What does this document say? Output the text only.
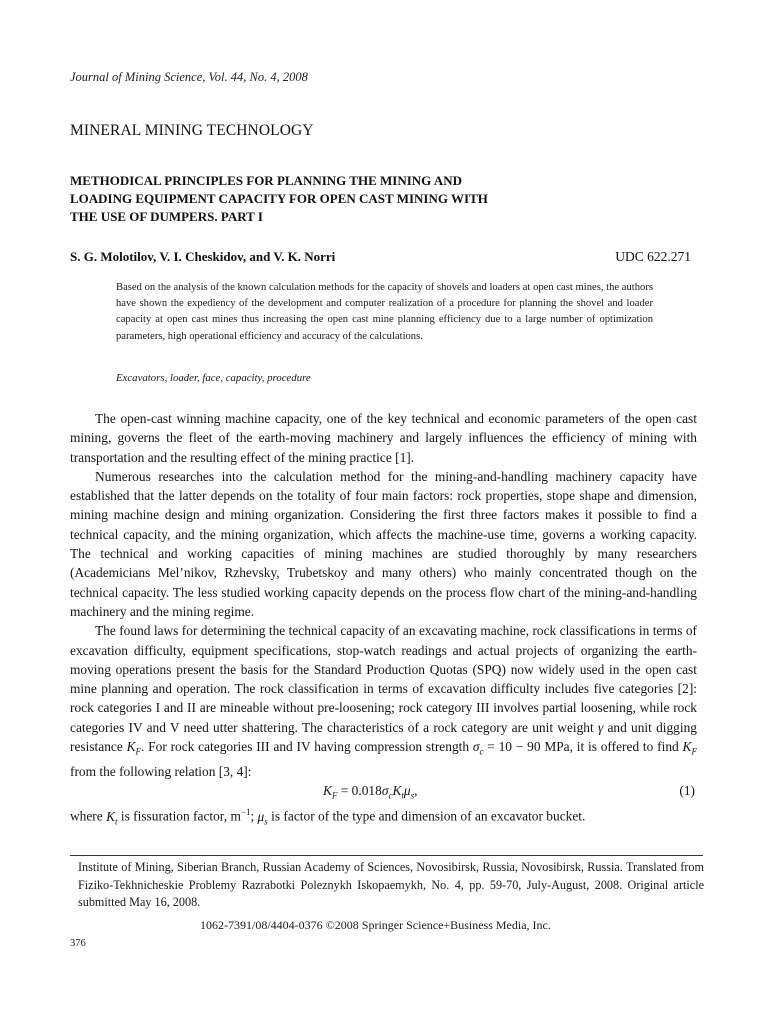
Journal of Mining Science, Vol. 44, No. 4, 2008
MINERAL MINING TECHNOLOGY
METHODICAL PRINCIPLES FOR PLANNING THE MINING AND LOADING EQUIPMENT CAPACITY FOR OPEN CAST MINING WITH THE USE OF DUMPERS. PART I
S. G. Molotilov, V. I. Cheskidov, and V. K. Norri	UDC 622.271
Based on the analysis of the known calculation methods for the capacity of shovels and loaders at open cast mines, the authors have shown the expediency of the development and computer realization of a procedure for planning the shovel and loader capacity at open cast mines thus increasing the open cast mine planning efficiency due to a large number of optimization parameters, high operational efficiency and accuracy of the calculations.
Excavators, loader, face, capacity, procedure

The open-cast winning machine capacity, one of the key technical and economic parameters of the open cast mining, governs the fleet of the earth-moving machinery and largely influences the efficiency of mining with transportation and the resulting effect of the mining practice [1].

Numerous researches into the calculation method for the mining-and-handling machinery capacity have established that the latter depends on the totality of four main factors: rock properties, stope shape and dimension, mining machine design and mining organization. Considering the first three factors makes it possible to find a technical capacity, and the mining organization, which affects the machine-use time, governs a working capacity. The technical and working capacities of mining machines are studied thoroughly by many researchers (Academicians Mel’nikov, Rzhevsky, Trubetskoy and many others) who mainly concentrated though on the technical capacity. The less studied working capacity depends on the process flow chart of the mining-and-handling machinery and the mining regime.

The found laws for determining the technical capacity of an excavating machine, rock classifications in terms of excavation difficulty, equipment specifications, stop-watch readings and actual projects of organizing the earth-moving operations present the basis for the Standard Production Quotas (SPQ) now widely used in the open cast mine planning and operation. The rock classification in terms of excavation difficulty includes five categories [2]: rock categories I and II are mineable without pre-loosening; rock category III involves partial loosening, while rock categories IV and V need utter shattering. The characteristics of a rock category are unit weight γ and unit digging resistance $K_F$. For rock categories III and IV having compression strength $\sigma_c = 10 - 90$ MPa, it is offered to find $K_F$ from the following relation [3, 4]:

$K_F = 0.018\sigma_cK_t\mu_s$,	(1)

where $K_t$ is fissuration factor, $m^{-1}$; $\mu_s$ is factor of the type and dimension of an excavator bucket.

Institute of Mining, Siberian Branch, Russian Academy of Sciences, Novosibirsk, Russia, Novosibirsk, Russia. Translated from Fiziko-Tekhnicheskie Problemy Razrabotki Poleznykh Iskopaemykh, No. 4, pp. 59-70, July-August, 2008. Original article submitted May 16, 2008.
1062-7391/08/4404-0376 ©2008 Springer Science+Business Media, Inc.
376
